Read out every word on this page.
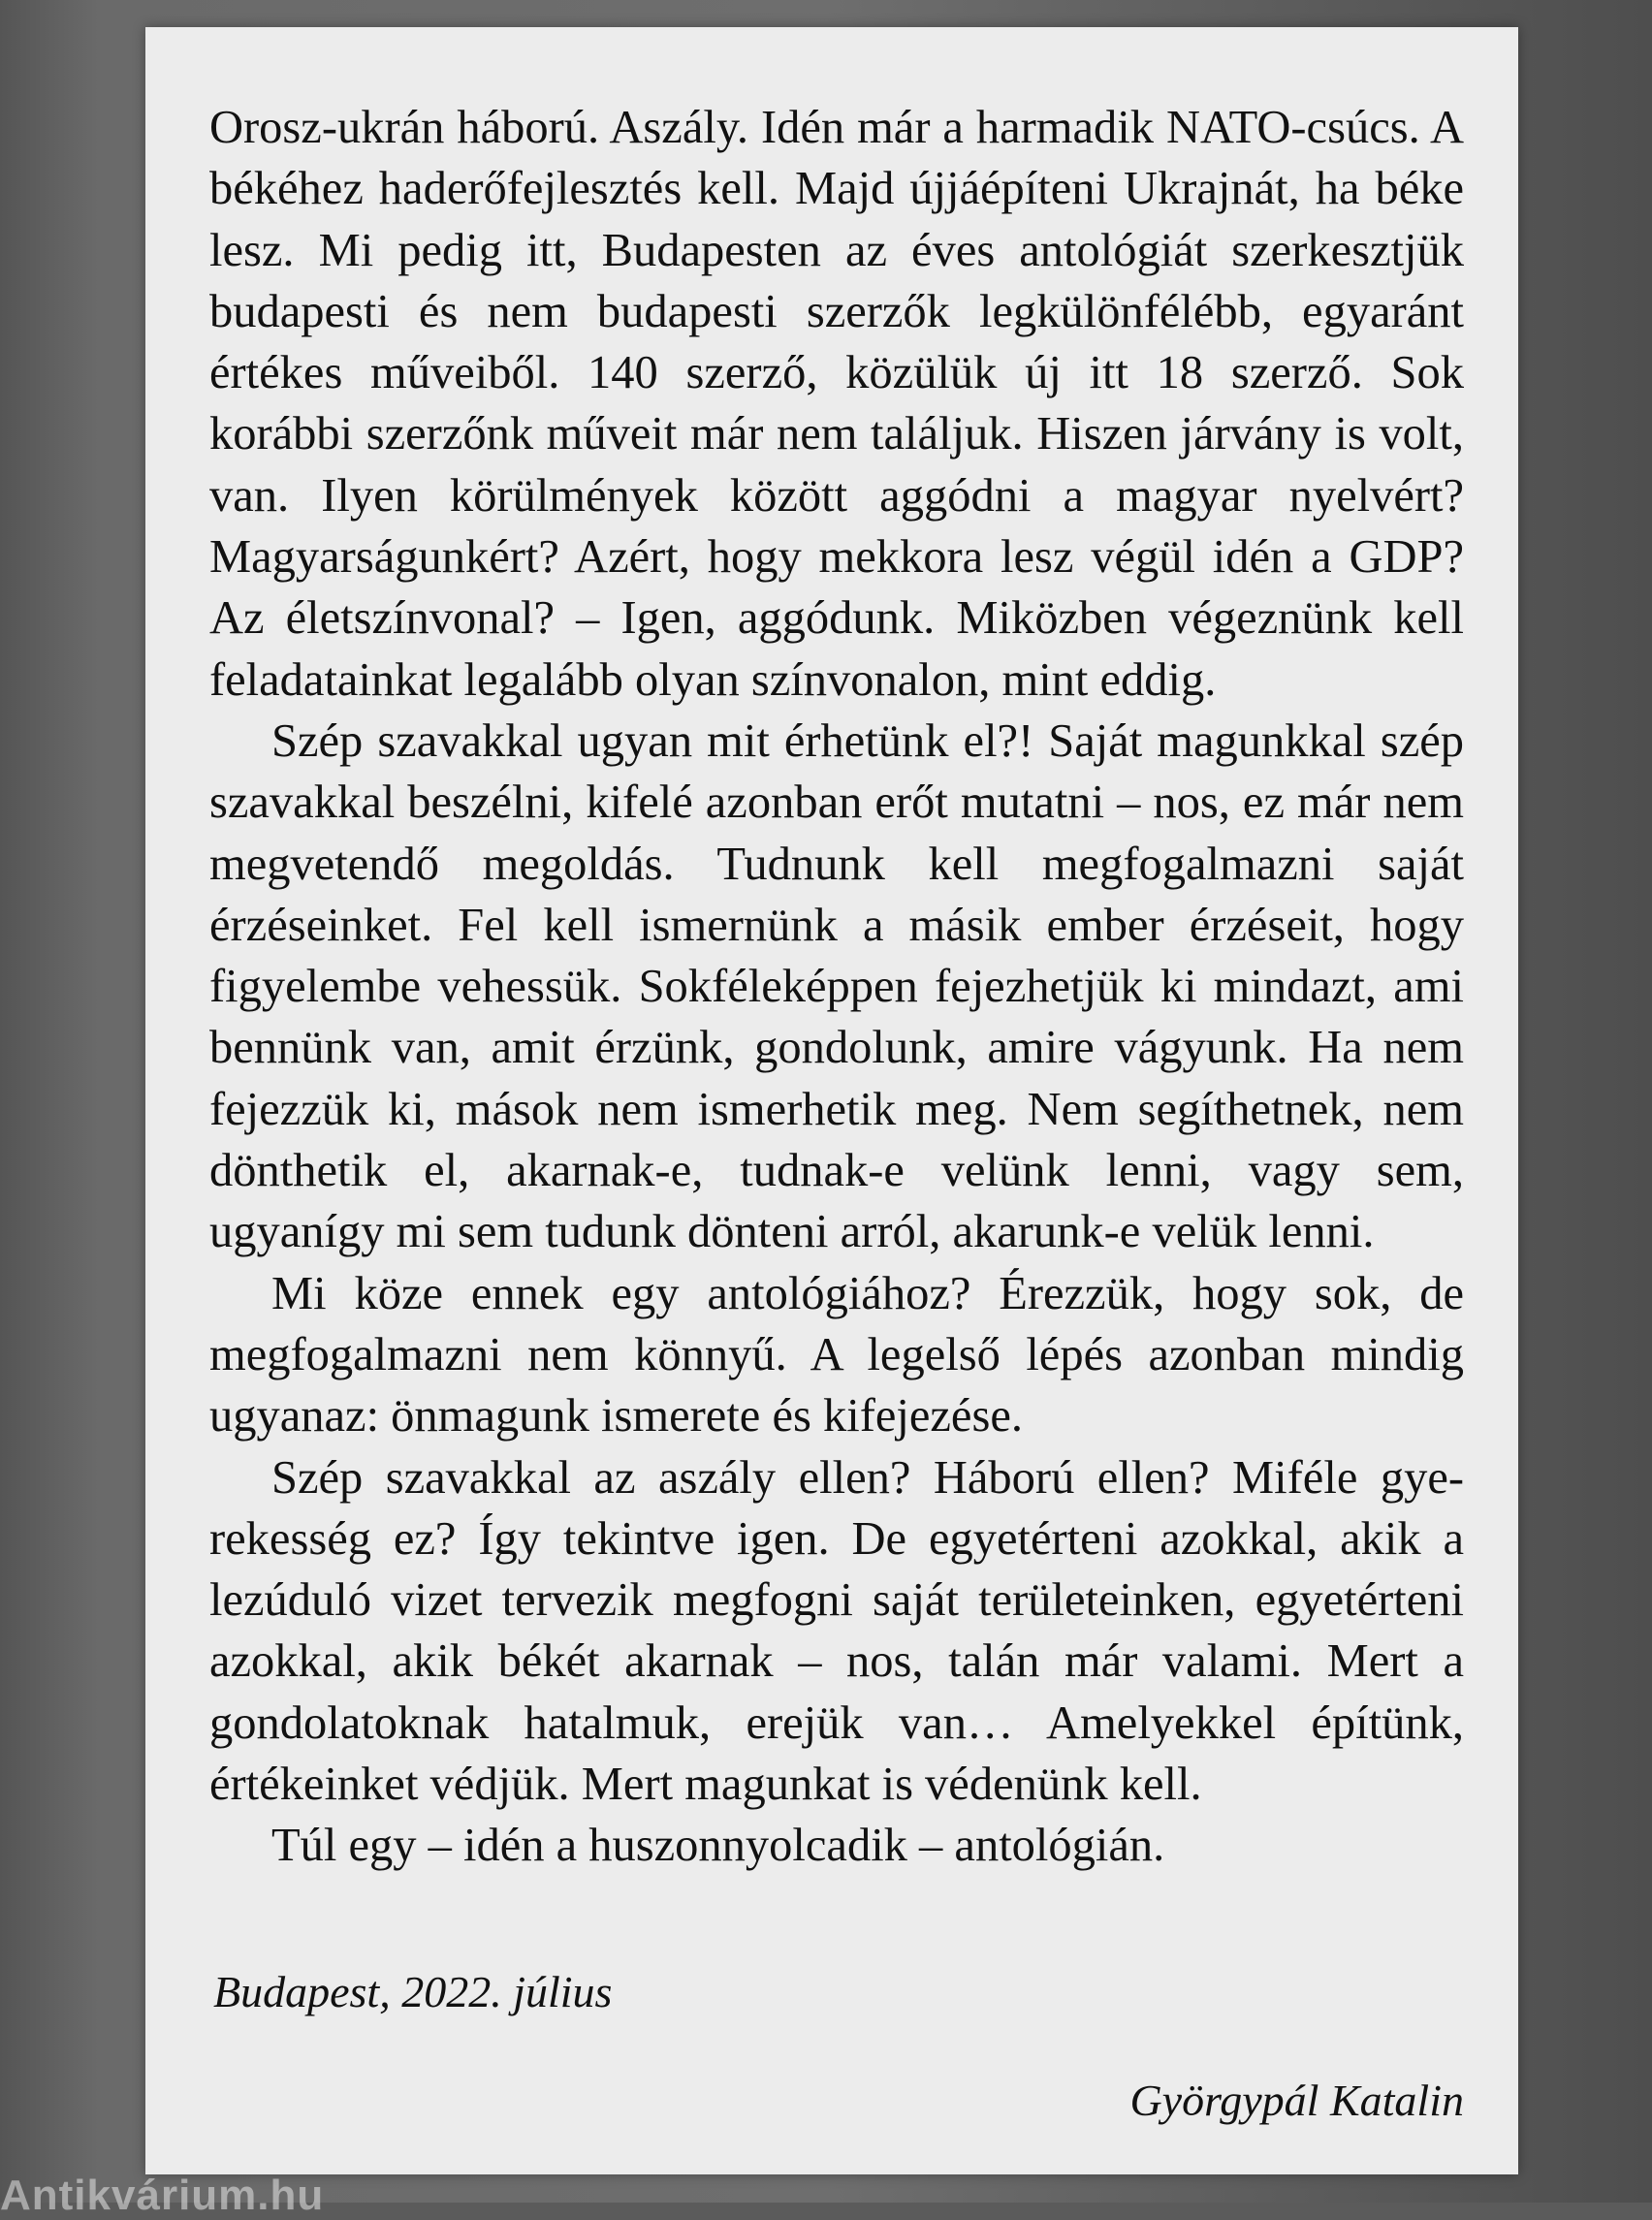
Orosz-ukrán háború. Aszály. Idén már a harmadik NATO-csúcs. A békéhez haderőfejlesztés kell. Majd újjáépíteni Ukrajnát, ha béke lesz. Mi pedig itt, Budapesten az éves antológiát szerkesztjük budapesti és nem budapesti szerzők legkülönfélébb, egyaránt értékes műveiből. 140 szerző, közülük új itt 18 szerző. Sok korábbi szerzőnk műveit már nem találjuk. Hiszen járvány is volt, van. Ilyen körülmények között aggódni a magyar nyelvért? Magyarságunkért? Azért, hogy mekkora lesz végül idén a GDP? Az életszínvonal? – Igen, aggódunk. Miközben végeznünk kell feladatainkat legalább olyan színvonalon, mint eddig.

Szép szavakkal ugyan mit érhetünk el?! Saját magunkkal szép szavakkal beszélni, kifelé azonban erőt mutatni – nos, ez már nem megvetendő megoldás. Tudnunk kell megfogalmazni saját érzéseinket. Fel kell ismernünk a másik ember érzéseit, hogy figyelembe vehessük. Sokféleképpen fejezhetjük ki mindazt, ami bennünk van, amit érzünk, gondolunk, amire vágyunk. Ha nem fejezzük ki, mások nem ismerhetik meg. Nem segíthetnek, nem dönthetik el, akarnak-e, tudnak-e velünk lenni, vagy sem, ugyanígy mi sem tudunk dönteni arról, akarunk-e velük lenni.

Mi köze ennek egy antológiához? Érezzük, hogy sok, de megfogalmazni nem könnyű. A legelső lépés azonban mindig ugyanaz: önmagunk ismerete és kifejezése.

Szép szavakkal az aszály ellen? Háború ellen? Miféle gyerekesség ez? Így tekintve igen. De egyetérteni azokkal, akik a lezúduló vizet tervezik megfogni saját területeinken, egyetérteni azokkal, akik békét akarnak – nos, talán már valami. Mert a gondolatoknak hatalmuk, erejük van… Amelyekkel építünk, értékeinket védjük. Mert magunkat is védenünk kell.

Túl egy – idén a huszonnyolcadik – antológián.

Budapest, 2022. július
Györgypál Katalin
Antikvárium.hu
